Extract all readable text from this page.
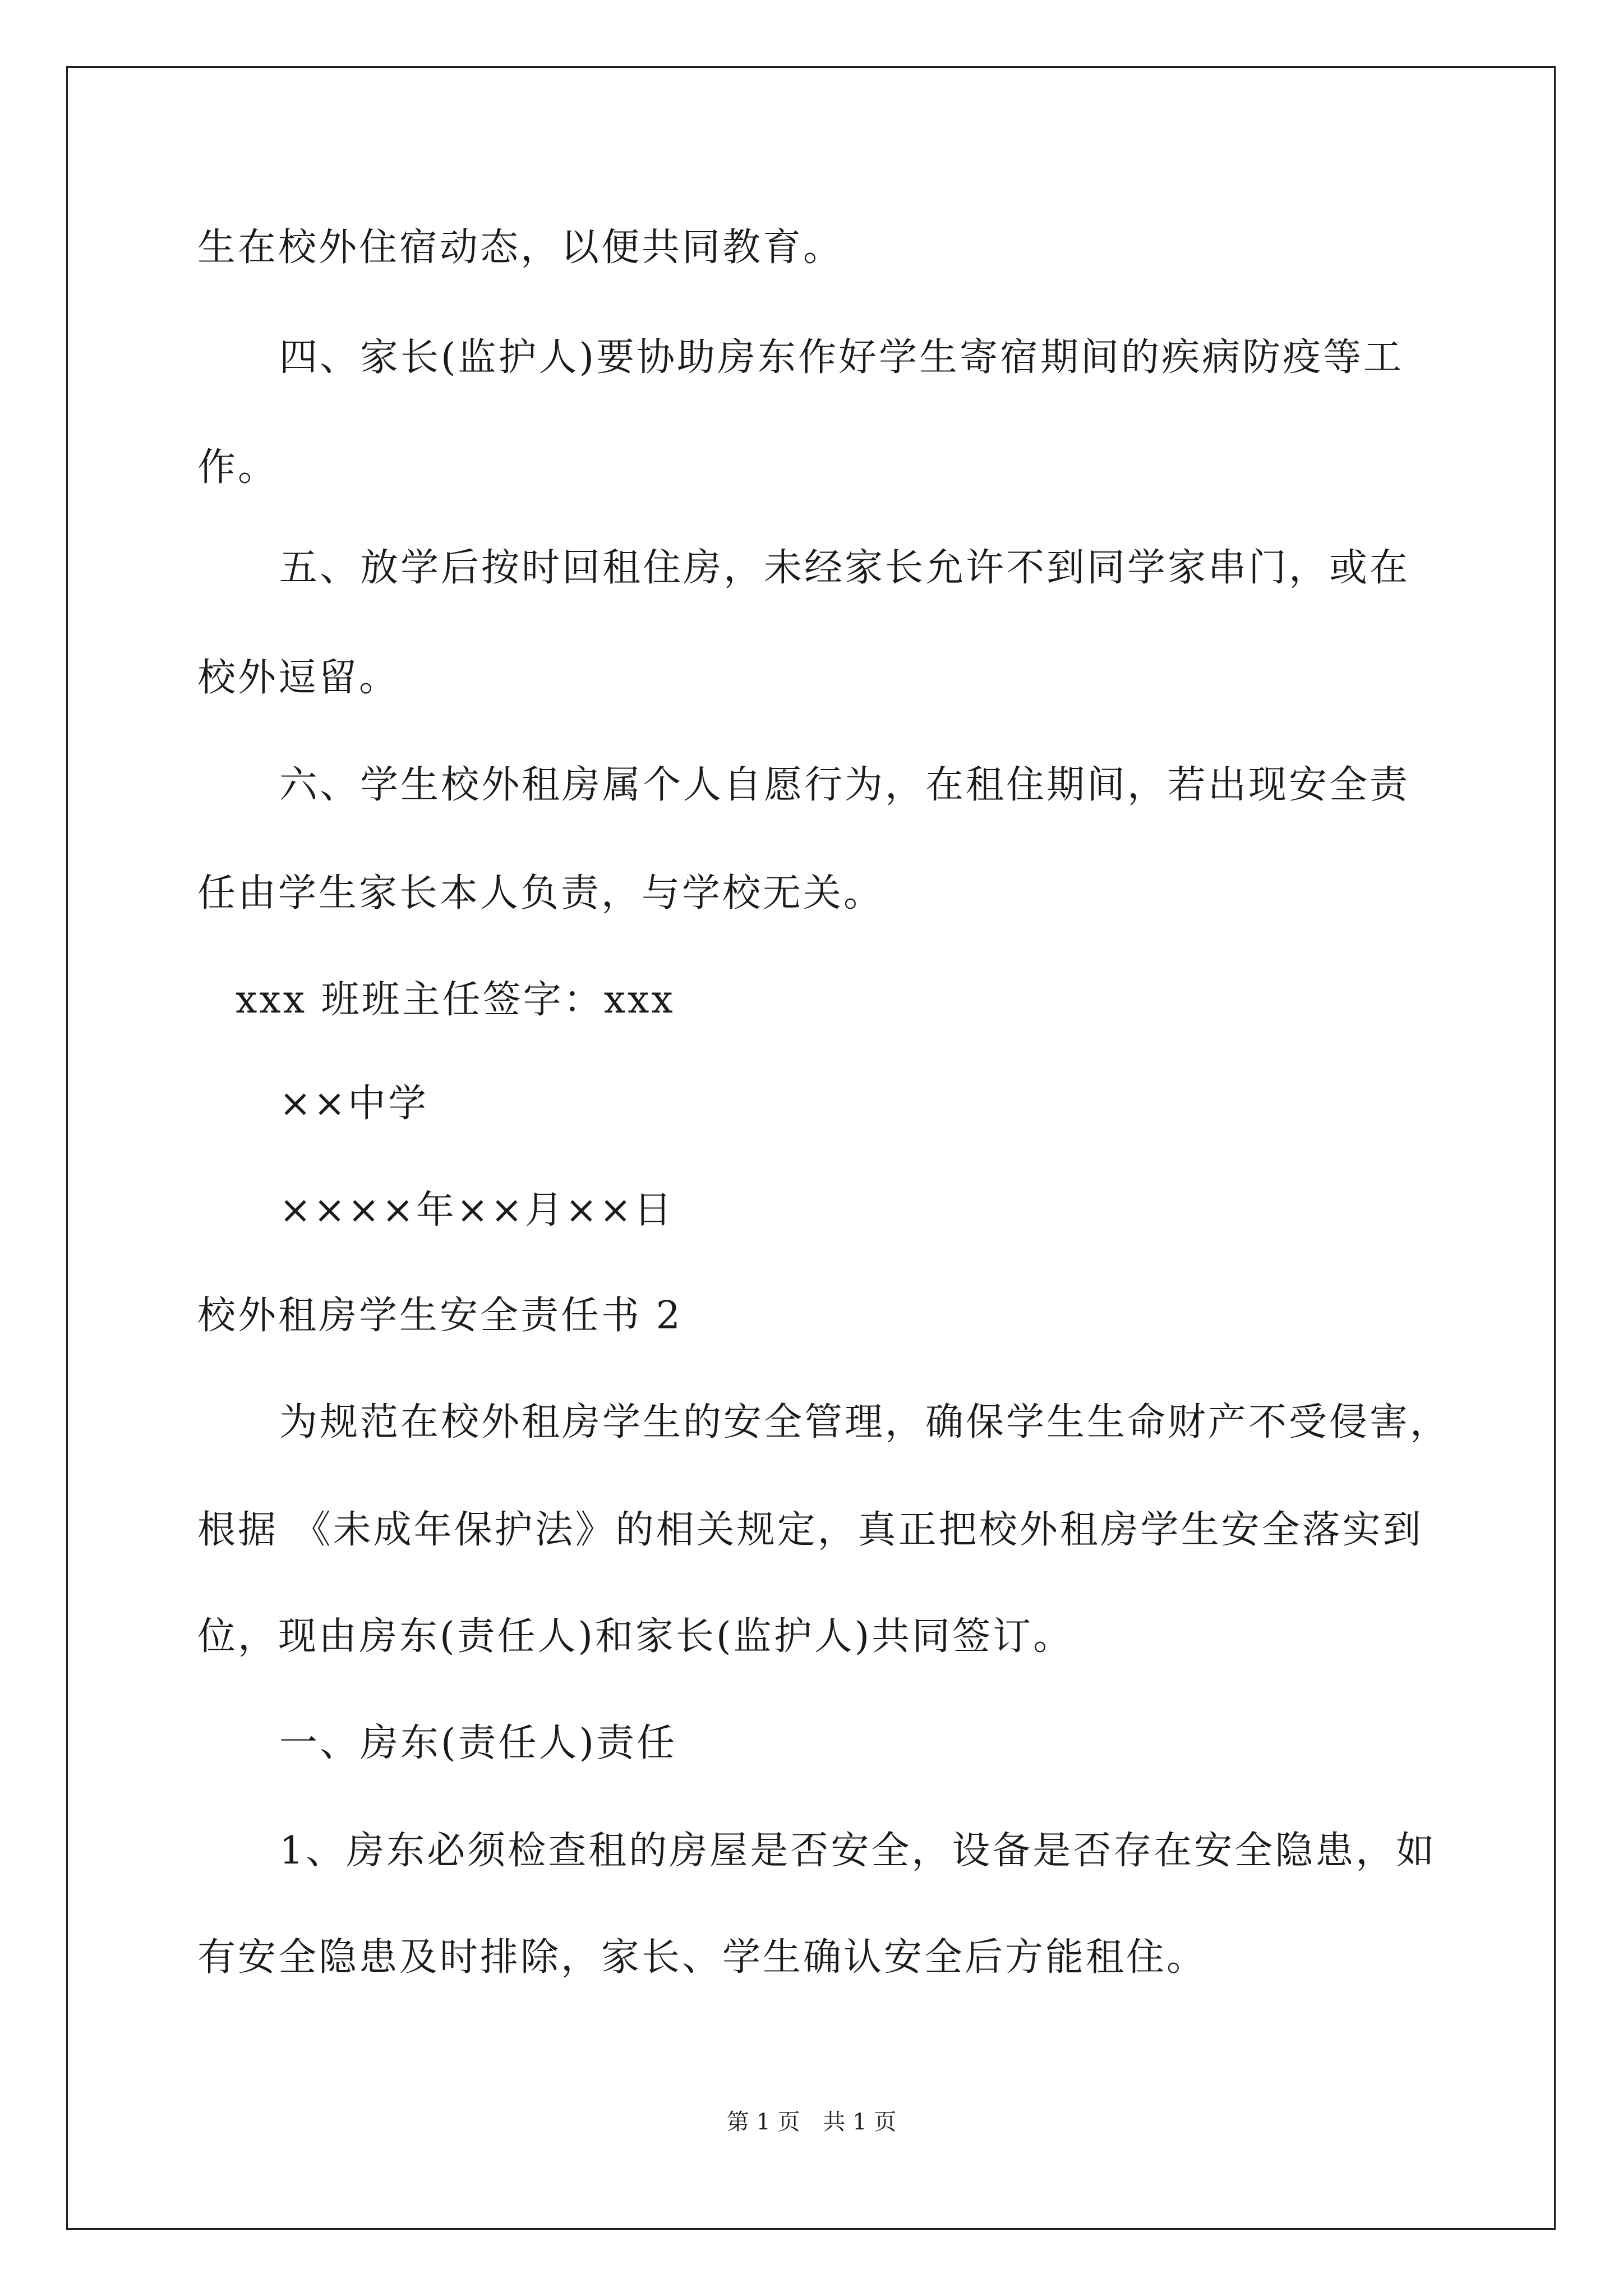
生在校外住宿动态，以便共同教育。
四、家长(监护人)要协助房东作好学生寄宿期间的疾病防疫等工
作。
五、放学后按时回租住房，未经家长允许不到同学家串门，或在
校外逗留。
六、学生校外租房属个人自愿行为，在租住期间，若出现安全责
任由学生家长本人负责，与学校无关。
xxx 班班主任签字：xxx
××中学
××××年××月××日
校外租房学生安全责任书 2
为规范在校外租房学生的安全管理，确保学生生命财产不受侵害，
根据 《未成年保护法》的相关规定，真正把校外租房学生安全落实到
位，现由房东(责任人)和家长(监护人)共同签订。
一、房东(责任人)责任
1、房东必须检查租的房屋是否安全，设备是否存在安全隐患，如
有安全隐患及时排除，家长、学生确认安全后方能租住。
第 1 页 共 1 页
